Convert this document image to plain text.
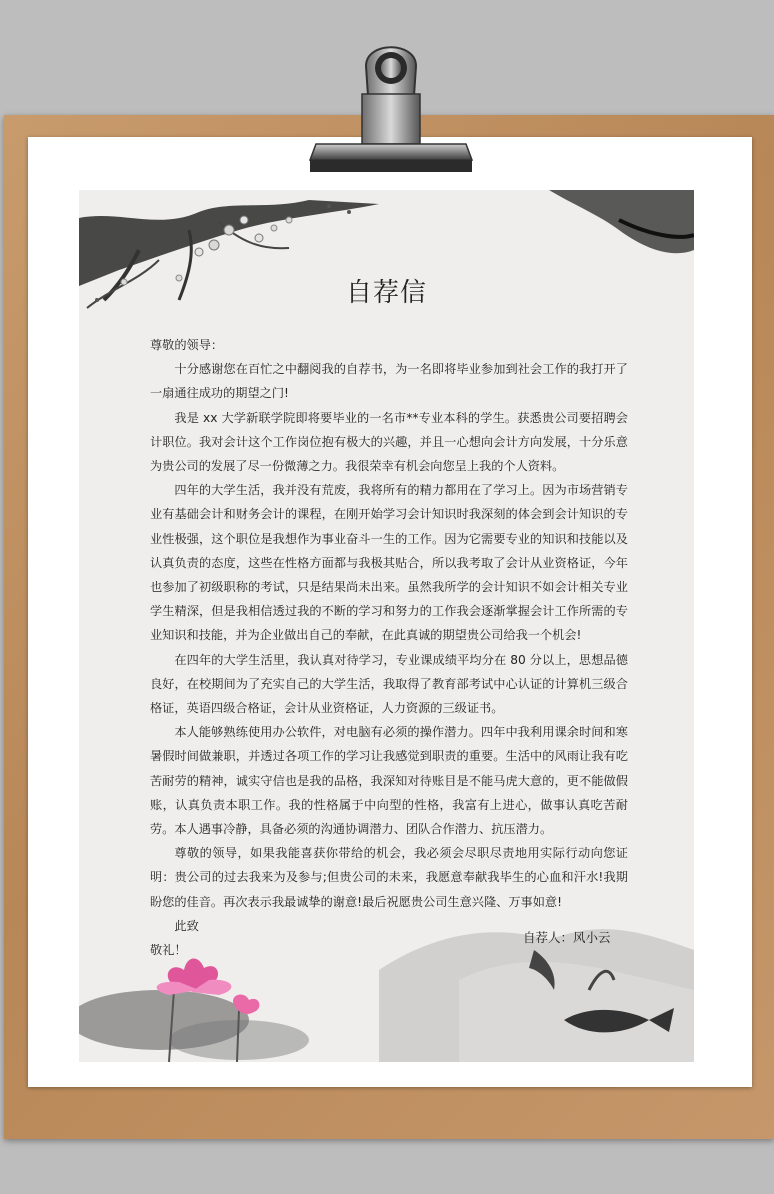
自荐信

尊敬的领导：

十分感谢您在百忙之中翻阅我的自荐书，为一名即将毕业参加到社会工作的我打开了一扇通往成功的期望之门!

我是 xx 大学新联学院即将要毕业的一名市**专业本科的学生。获悉贵公司要招聘会计职位。我对会计这个工作岗位抱有极大的兴趣，并且一心想向会计方向发展，十分乐意为贵公司的发展了尽一份微薄之力。我很荣幸有机会向您呈上我的个人资料。

四年的大学生活，我并没有荒废，我将所有的精力都用在了学习上。因为市场营销专业有基础会计和财务会计的课程，在刚开始学习会计知识时我深刻的体会到会计知识的专业性极强，这个职位是我想作为事业奋斗一生的工作。因为它需要专业的知识和技能以及认真负责的态度，这些在性格方面都与我极其贴合，所以我考取了会计从业资格证，今年也参加了初级职称的考试，只是结果尚未出来。虽然我所学的会计知识不如会计相关专业学生精深，但是我相信透过我的不断的学习和努力的工作我会逐渐掌握会计工作所需的专业知识和技能，并为企业做出自己的奉献，在此真诚的期望贵公司给我一个机会!

在四年的大学生活里，我认真对待学习，专业课成绩平均分在 80 分以上，思想品德良好，在校期间为了充实自己的大学生活，我取得了教育部考试中心认证的计算机三级合格证，英语四级合格证，会计从业资格证，人力资源的三级证书。

本人能够熟练使用办公软件，对电脑有必须的操作潜力。四年中我利用课余时间和寒暑假时间做兼职，并透过各项工作的学习让我感觉到职责的重要。生活中的风雨让我有吃苦耐劳的精神，诚实守信也是我的品格，我深知对待账目是不能马虎大意的，更不能做假账，认真负责本职工作。我的性格属于中向型的性格，我富有上进心，做事认真吃苦耐劳。本人遇事冷静，具备必须的沟通协调潜力、团队合作潜力、抗压潜力。

尊敬的领导，如果我能喜获你带给的机会，我必须会尽职尽责地用实际行动向您证明：贵公司的过去我来为及参与;但贵公司的未来，我愿意奉献我毕生的心血和汗水!我期盼您的佳音。再次表示我最诚挚的谢意!最后祝愿贵公司生意兴隆、万事如意!

此致

敬礼！

自荐人：风小云
